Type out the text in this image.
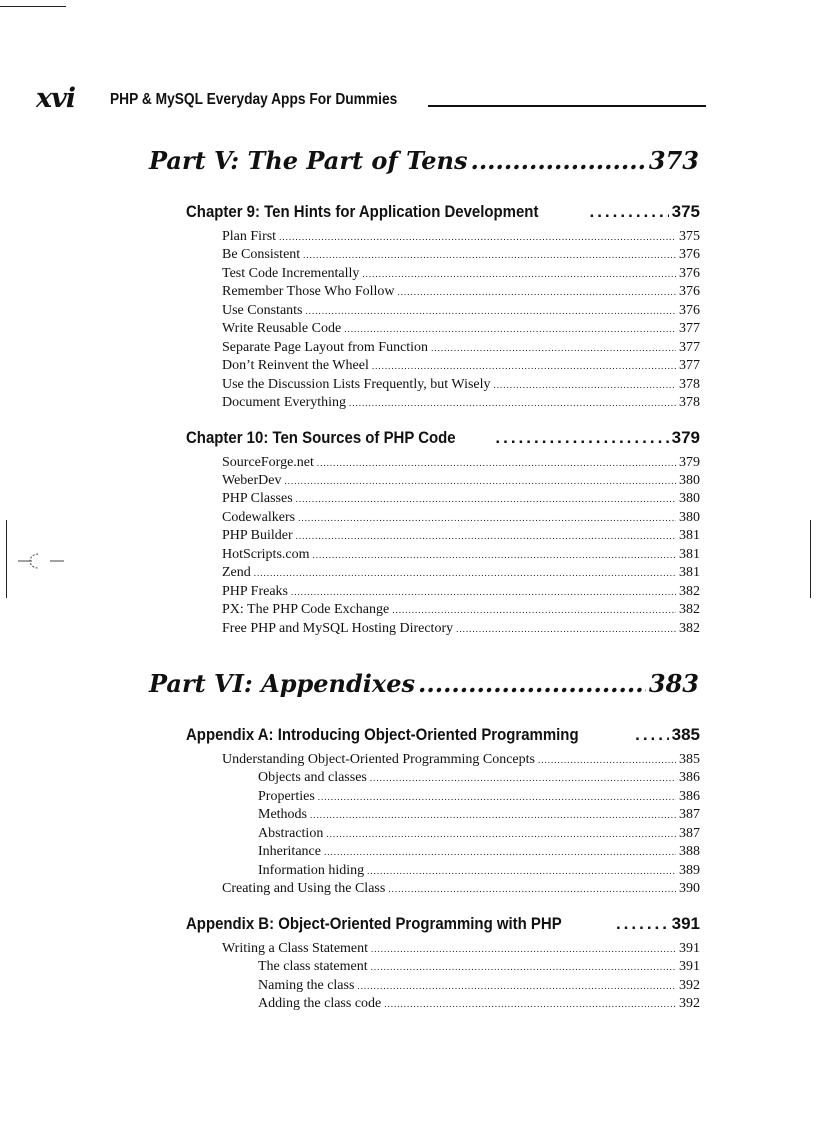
xvi PHP & MySQL Everyday Apps For Dummies
Part V: The Part of Tens .....	373
Chapter 9: Ten Hints for Application Development .....	375
Plan First .....	375
Be Consistent .....	376
Test Code Incrementally .....	376
Remember Those Who Follow .....	376
Use Constants .....	376
Write Reusable Code .....	377
Separate Page Layout from Function .....	377
Don’t Reinvent the Wheel .....	377
Use the Discussion Lists Frequently, but Wisely .....	378
Document Everything .....	378
Chapter 10: Ten Sources of PHP Code .....	379
SourceForge.net .....	379
WeberDev .....	380
PHP Classes .....	380
Codewalkers .....	380
PHP Builder .....	381
HotScripts.com .....	381
Zend .....	381
PHP Freaks .....	382
PX: The PHP Code Exchange .....	382
Free PHP and MySQL Hosting Directory .....	382
Part VI: Appendixes .....	383
Appendix A: Introducing Object-Oriented Programming .....	385
Understanding Object-Oriented Programming Concepts .....	385
Objects and classes .....	386
Properties .....	386
Methods .....	387
Abstraction .....	387
Inheritance .....	388
Information hiding .....	389
Creating and Using the Class .....	390
Appendix B: Object-Oriented Programming with PHP .....	391
Writing a Class Statement .....	391
The class statement .....	391
Naming the class .....	392
Adding the class code .....	392
